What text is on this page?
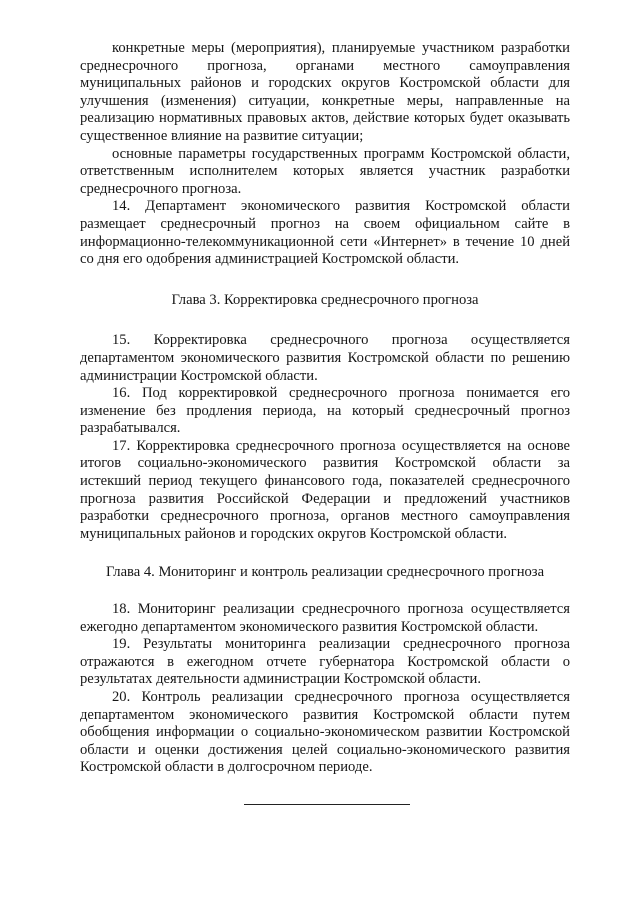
конкретные меры (мероприятия), планируемые участником разработки среднесрочного прогноза, органами местного самоуправления муниципальных районов и городских округов Костромской области для улучшения (изменения) ситуации, конкретные меры, направленные на реализацию нормативных правовых актов, действие которых будет оказывать существенное влияние на развитие ситуации;

основные параметры государственных программ Костромской области, ответственным исполнителем которых является участник разработки среднесрочного прогноза.

14. Департамент экономического развития Костромской области размещает среднесрочный прогноз на своем официальном сайте в информационно-телекоммуникационной сети «Интернет» в течение 10 дней со дня его одобрения администрацией Костромской области.

Глава 3. Корректировка среднесрочного прогноза

15. Корректировка среднесрочного прогноза осуществляется департаментом экономического развития Костромской области по решению администрации Костромской области.

16. Под корректировкой среднесрочного прогноза понимается его изменение без продления периода, на который среднесрочный прогноз разрабатывался.

17. Корректировка среднесрочного прогноза осуществляется на основе итогов социально-экономического развития Костромской области за истекший период текущего финансового года, показателей среднесрочного прогноза развития Российской Федерации и предложений участников разработки среднесрочного прогноза, органов местного самоуправления муниципальных районов и городских округов Костромской области.

Глава 4. Мониторинг и контроль реализации среднесрочного прогноза

18. Мониторинг реализации среднесрочного прогноза осуществляется ежегодно департаментом экономического развития Костромской области.

19. Результаты мониторинга реализации среднесрочного прогноза отражаются в ежегодном отчете губернатора Костромской области о результатах деятельности администрации Костромской области.

20. Контроль реализации среднесрочного прогноза осуществляется департаментом экономического развития Костромской области путем обобщения информации о социально-экономическом развитии Костромской области и оценки достижения целей социально-экономического развития Костромской области в долгосрочном периоде.
